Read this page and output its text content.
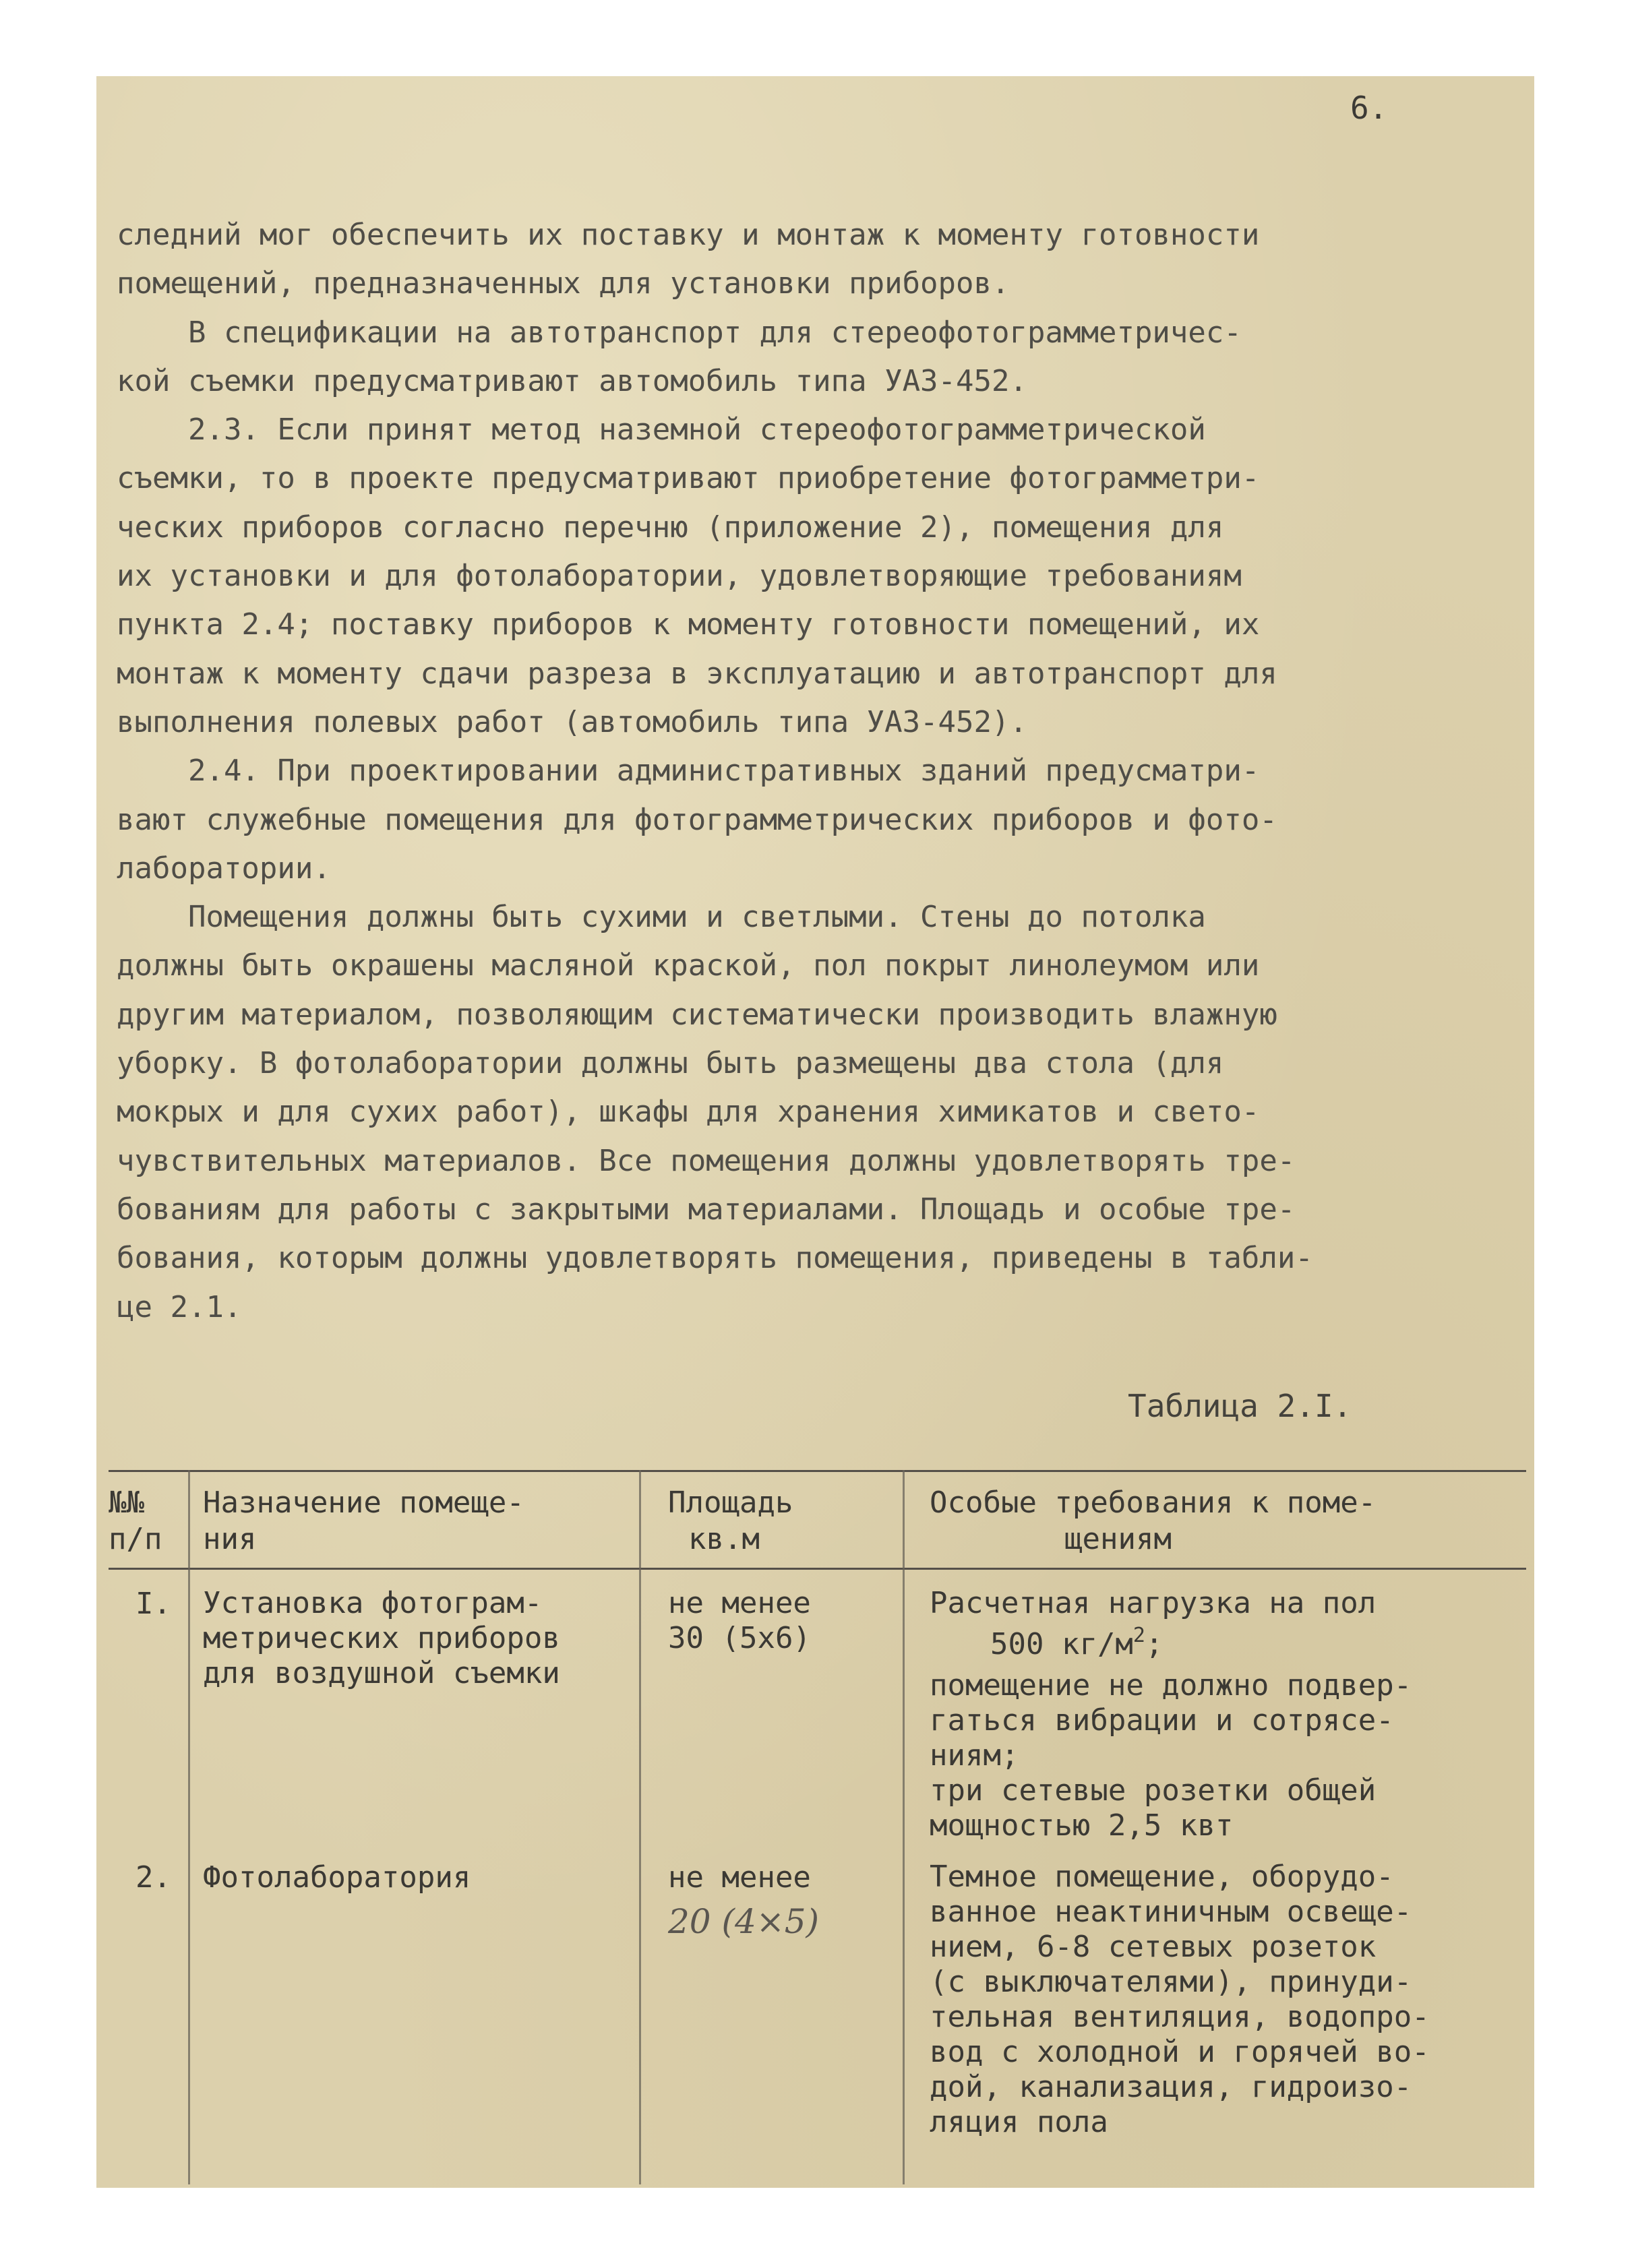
6.
следний мог обеспечить их поставку и монтаж к моменту готовности
помещений, предназначенных для установки приборов.
В спецификации на автотранспорт для стереофотограмметричес-
кой съемки предусматривают автомобиль типа УАЗ-452.
2.3. Если принят метод наземной стереофотограмметрической
съемки, то в проекте предусматривают приобретение фотограмметри-
ческих приборов согласно перечню (приложение 2), помещения для
их установки и для фотолаборатории, удовлетворяющие требованиям
пункта 2.4; поставку приборов к моменту готовности помещений, их
монтаж к моменту сдачи разреза в эксплуатацию и автотранспорт для
выполнения полевых работ (автомобиль типа УАЗ-452).
2.4. При проектировании административных зданий предусматри-
вают служебные помещения для фотограмметрических приборов и фото-
лаборатории.
Помещения должны быть сухими и светлыми. Стены до потолка
должны быть окрашены масляной краской, пол покрыт линолеумом или
другим материалом, позволяющим систематически производить влажную
уборку. В фотолаборатории должны быть размещены два стола (для
мокрых и для сухих работ), шкафы для хранения химикатов и свето-
чувствительных материалов. Все помещения должны удовлетворять тре-
бованиям для работы с закрытыми материалами. Площадь и особые тре-
бования, которым должны удовлетворять помещения, приведены в табли-
це 2.1.
Таблица 2.I.
№№
п/п
Назначение помеще-
ния
Площадь
кв.м
Особые требования к поме-
щениям
I. Установка фотограм-
метрических приборов
для воздушной съемки
не менее
30 (5х6)
Расчетная нагрузка на пол
500 $кг/м^2$;
помещение не должно подвер-
гаться вибрации и сотрясе-
ниям;
три сетевые розетки общей
мощностью 2,5 квт
2. Фотолаборатория	не менее
20 (4×5)
Темное помещение, оборудо-
ванное неактиничным освеще-
нием, 6-8 сетевых розеток
(с выключателями), принуди-
тельная вентиляция, водопро-
вод с холодной и горячей во-
дой, канализация, гидроизо-
ляция пола
